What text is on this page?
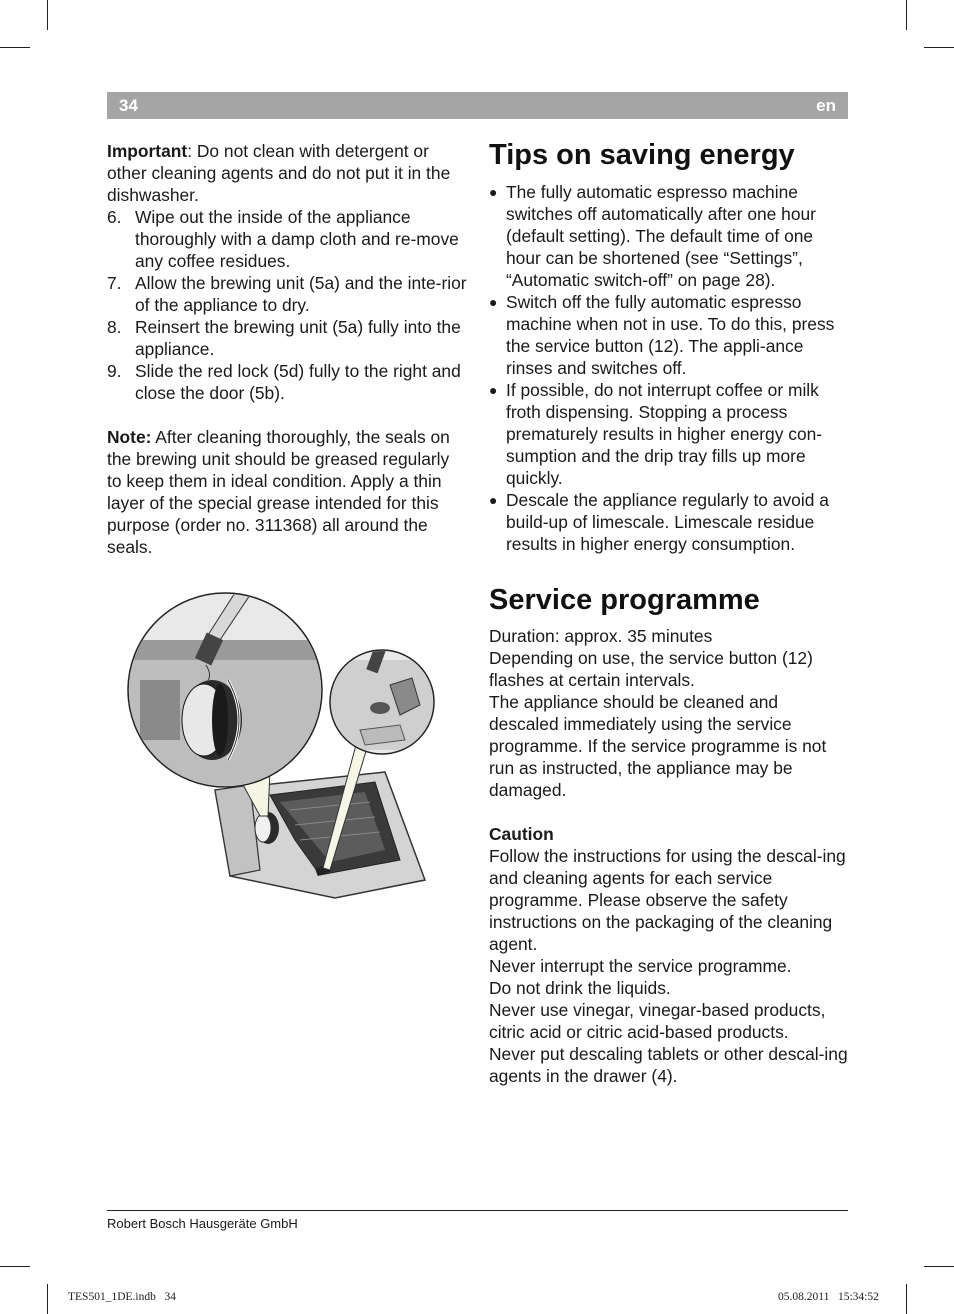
34	en

Important: Do not clean with detergent or other cleaning agents and do not put it in the dishwasher.

6. Wipe out the inside of the appliance thoroughly with a damp cloth and re-move any coffee residues.
7. Allow the brewing unit (5a) and the inte-rior of the appliance to dry.
8. Reinsert the brewing unit (5a) fully into the appliance.
9. Slide the red lock (5d) fully to the right and close the door (5b).

Note: After cleaning thoroughly, the seals on the brewing unit should be greased regularly to keep them in ideal condition. Apply a thin layer of the special grease intended for this purpose (order no. 311368) all around the seals.

Tips on saving energy
● The fully automatic espresso machine switches off automatically after one hour (default setting). The default time of one hour can be shortened (see “Settings”, “Automatic switch-off” on page 28).
● Switch off the fully automatic espresso machine when not in use. To do this, press the service button (12). The appli-ance rinses and switches off.
● If possible, do not interrupt coffee or milk froth dispensing. Stopping a process prematurely results in higher energy con-sumption and the drip tray fills up more quickly.
● Descale the appliance regularly to avoid a build-up of limescale. Limescale residue results in higher energy consumption.
Service programme

Duration: approx. 35 minutes

Depending on use, the service button (12) flashes at certain intervals.

The appliance should be cleaned and descaled immediately using the service programme. If the service programme is not run as instructed, the appliance may be damaged.

Caution

Follow the instructions for using the descal-ing and cleaning agents for each service programme. Please observe the safety instructions on the packaging of the cleaning agent.

Never interrupt the service programme.

Do not drink the liquids.

Never use vinegar, vinegar-based products, citric acid or citric acid-based products.

Never put descaling tablets or other descal-ing agents in the drawer (4).

Robert Bosch Hausgeräte GmbH
TES501_1DE.indb   34	05.08.2011   15:34:52
